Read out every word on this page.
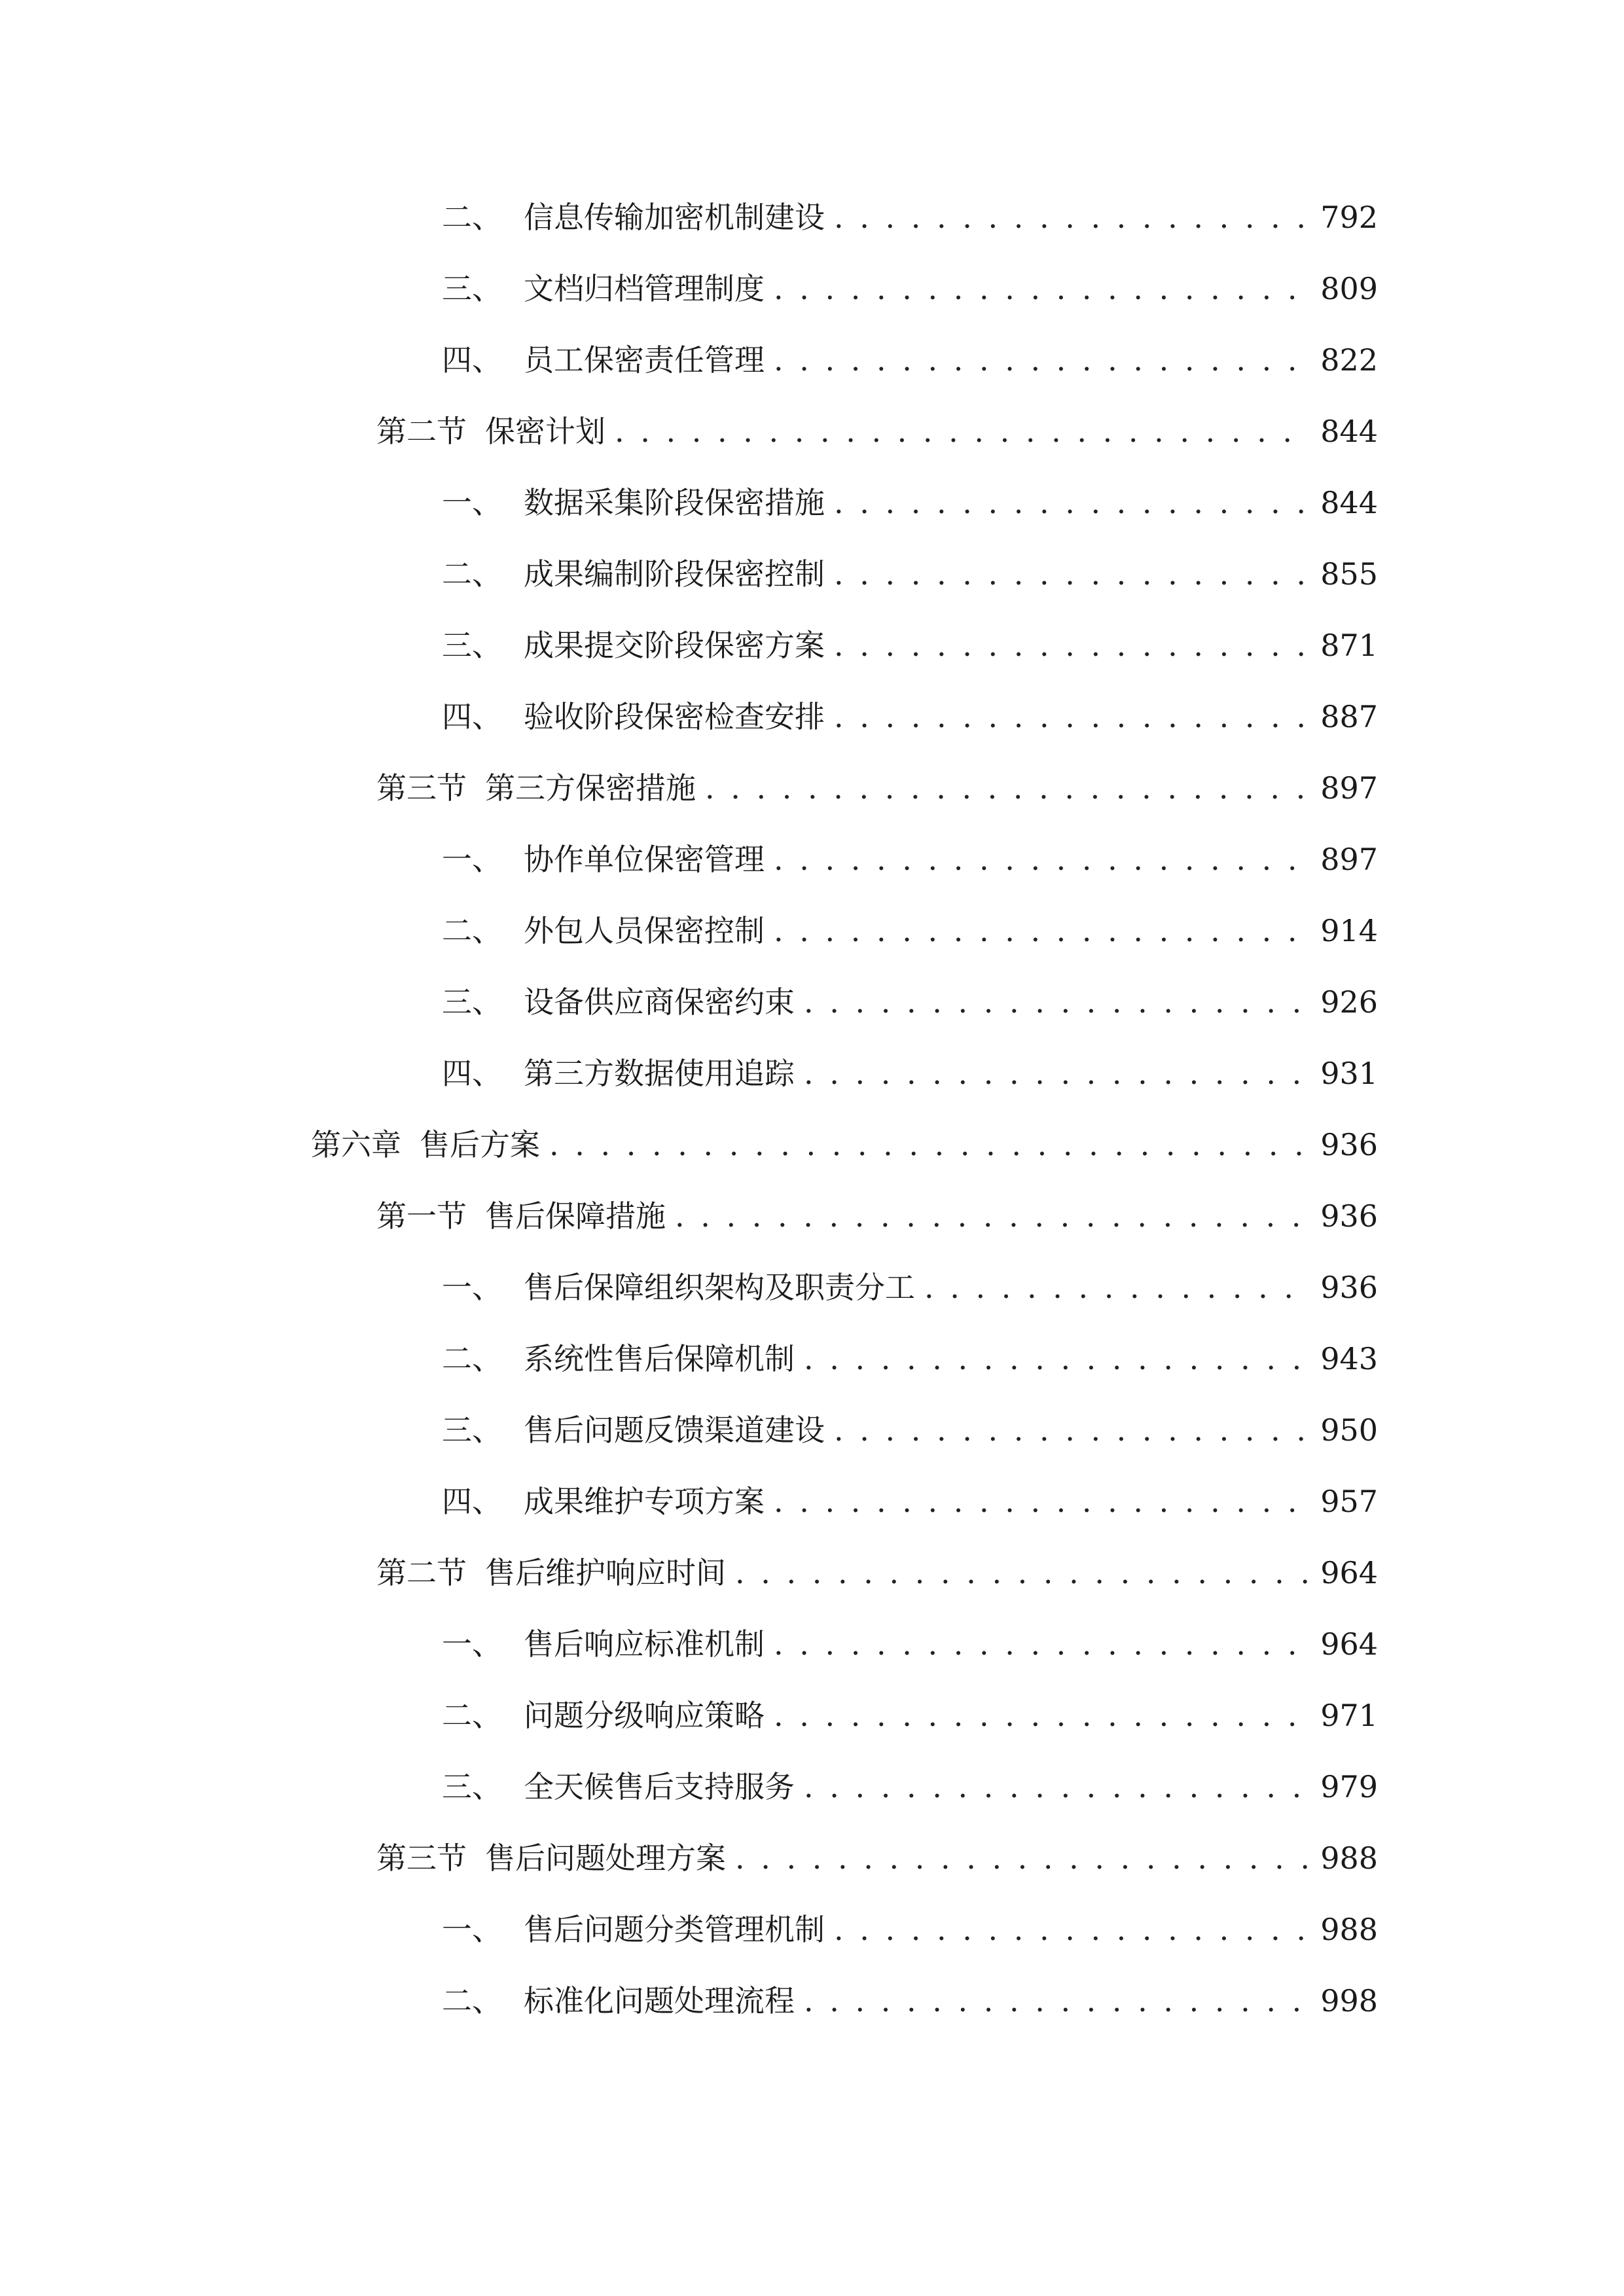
二、 信息传输加密机制建设 . . .	792
三、 文档归档管理制度 . . .	809
四、 员工保密责任管理 . . .	822
第二节 保密计划 . . .	844
一、 数据采集阶段保密措施 . . .	844
二、 成果编制阶段保密控制 . . .	855
三、 成果提交阶段保密方案 . . .	871
四、 验收阶段保密检查安排 . . .	887
第三节 第三方保密措施 . . .	897
一、 协作单位保密管理 . . .	897
二、 外包人员保密控制 . . .	914
三、 设备供应商保密约束 . . .	926
四、 第三方数据使用追踪 . . .	931
第六章 售后方案 . . .	936
第一节 售后保障措施 . . .	936
一、 售后保障组织架构及职责分工 . . .	936
二、 系统性售后保障机制 . . .	943
三、 售后问题反馈渠道建设 . . .	950
四、 成果维护专项方案 . . .	957
第二节 售后维护响应时间 . . .	964
一、 售后响应标准机制 . . .	964
二、 问题分级响应策略 . . .	971
三、 全天候售后支持服务 . . .	979
第三节 售后问题处理方案 . . .	988
一、 售后问题分类管理机制 . . .	988
二、 标准化问题处理流程 . . .	998
